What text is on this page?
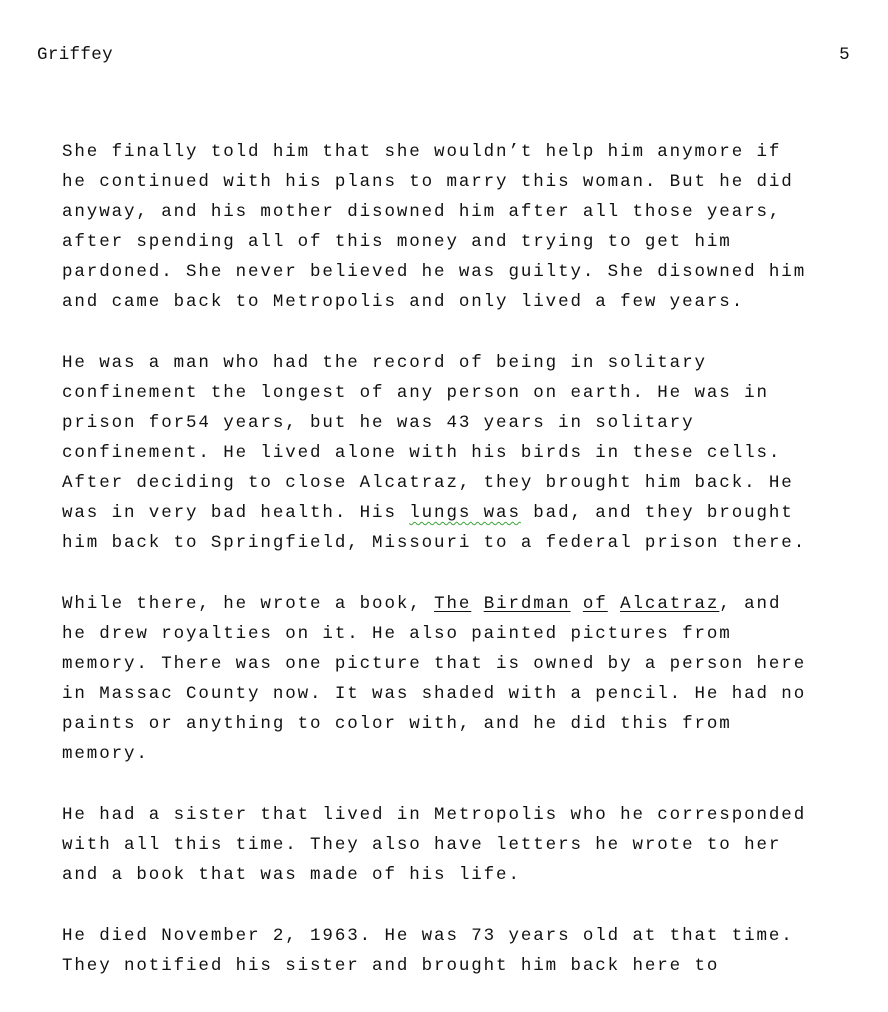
Griffey	5
She finally told him that she wouldn’t help him anymore if
he continued with his plans to marry this woman. But he did
anyway, and his mother disowned him after all those years,
after spending all of this money and trying to get him
pardoned. She never believed he was guilty. She disowned him
and came back to Metropolis and only lived a few years.
He was a man who had the record of being in solitary
confinement the longest of any person on earth. He was in
prison for54 years, but he was 43 years in solitary
confinement. He lived alone with his birds in these cells.
After deciding to close Alcatraz, they brought him back. He
was in very bad health. His lungs was bad, and they brought
him back to Springfield, Missouri to a federal prison there.
While there, he wrote a book, The Birdman of Alcatraz, and
he drew royalties on it. He also painted pictures from
memory. There was one picture that is owned by a person here
in Massac County now. It was shaded with a pencil. He had no
paints or anything to color with, and he did this from
memory.
He had a sister that lived in Metropolis who he corresponded
with all this time. They also have letters he wrote to her
and a book that was made of his life.
He died November 2, 1963. He was 73 years old at that time.
They notified his sister and brought him back here to
